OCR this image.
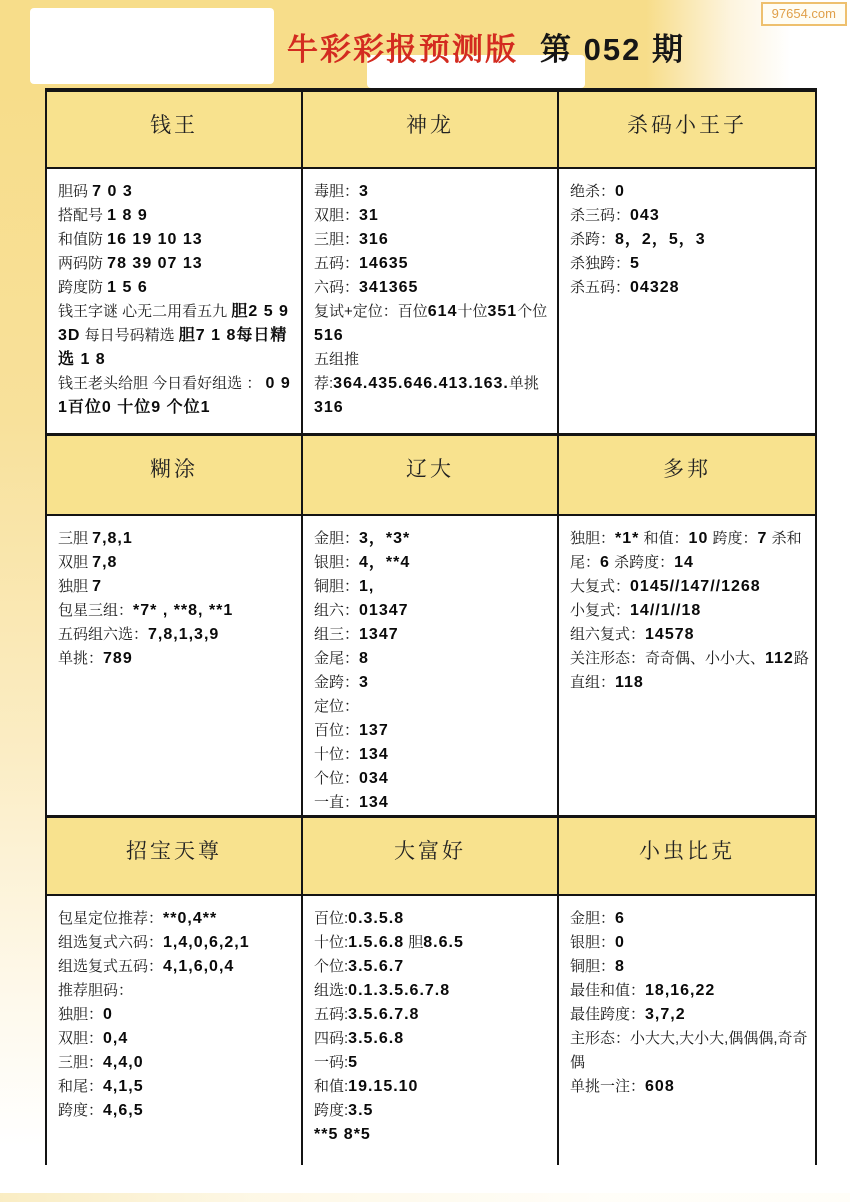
牛彩彩报预测版 第 052 期
97654.com
钱王
胆码 7 0 3
搭配号 1 8 9
和值防 16 19 10 13
两码防 78 39 07 13
跨度防 1 5 6
钱王字谜 心无二用看五九 胆2 5 9
3D 每日号码精选 胆7 1 8每日精选 1 8
钱王老头给胆 今日看好组选 ： 0 9 1百位0 十位9 个位1
神龙
毒胆：3
双胆：31
三胆：316
五码：14635
六码：341365
复试+定位：百位614十位351个位516
五组推荐:364.435.646.413.163.单挑316
杀码小王子
绝杀：0
杀三码：043
杀跨：8，2，5，3
杀独跨：5
杀五码：04328
糊涂
三胆 7,8,1
双胆 7,8
独胆 7
包星三组：*7* , **8, **1
五码组六选：7,8,1,3,9
单挑：789
辽大
金胆：3，*3*
银胆：4，**4
铜胆：1,
组六：01347
组三：1347
金尾：8
金跨：3
定位：
百位：137
十位：134
个位：034
一直：134
多邦
独胆：*1* 和值：10 跨度：7 杀和尾：6 杀跨度：14
大复式：0145//147//1268
小复式：14//1//18
组六复式：14578
关注形态：奇奇偶、小小大、112路
直组：118
招宝天尊
包星定位推荐：**0,4**
组选复式六码：1,4,0,6,2,1
组选复式五码：4,1,6,0,4
推荐胆码：
独胆：0
双胆：0,4
三胆：4,4,0
和尾：4,1,5
跨度：4,6,5
大富好
百位:0.3.5.8
十位:1.5.6.8 胆8.6.5
个位:3.5.6.7
组选:0.1.3.5.6.7.8
五码:3.5.6.7.8
四码:3.5.6.8
一码:5
和值:19.15.10
跨度:3.5
**5 8*5
小虫比克
金胆：6
银胆：0
铜胆：8
最佳和值：18,16,22
最佳跨度：3,7,2
主形态：小大大,大小大,偶偶偶,奇奇偶
单挑一注：608
